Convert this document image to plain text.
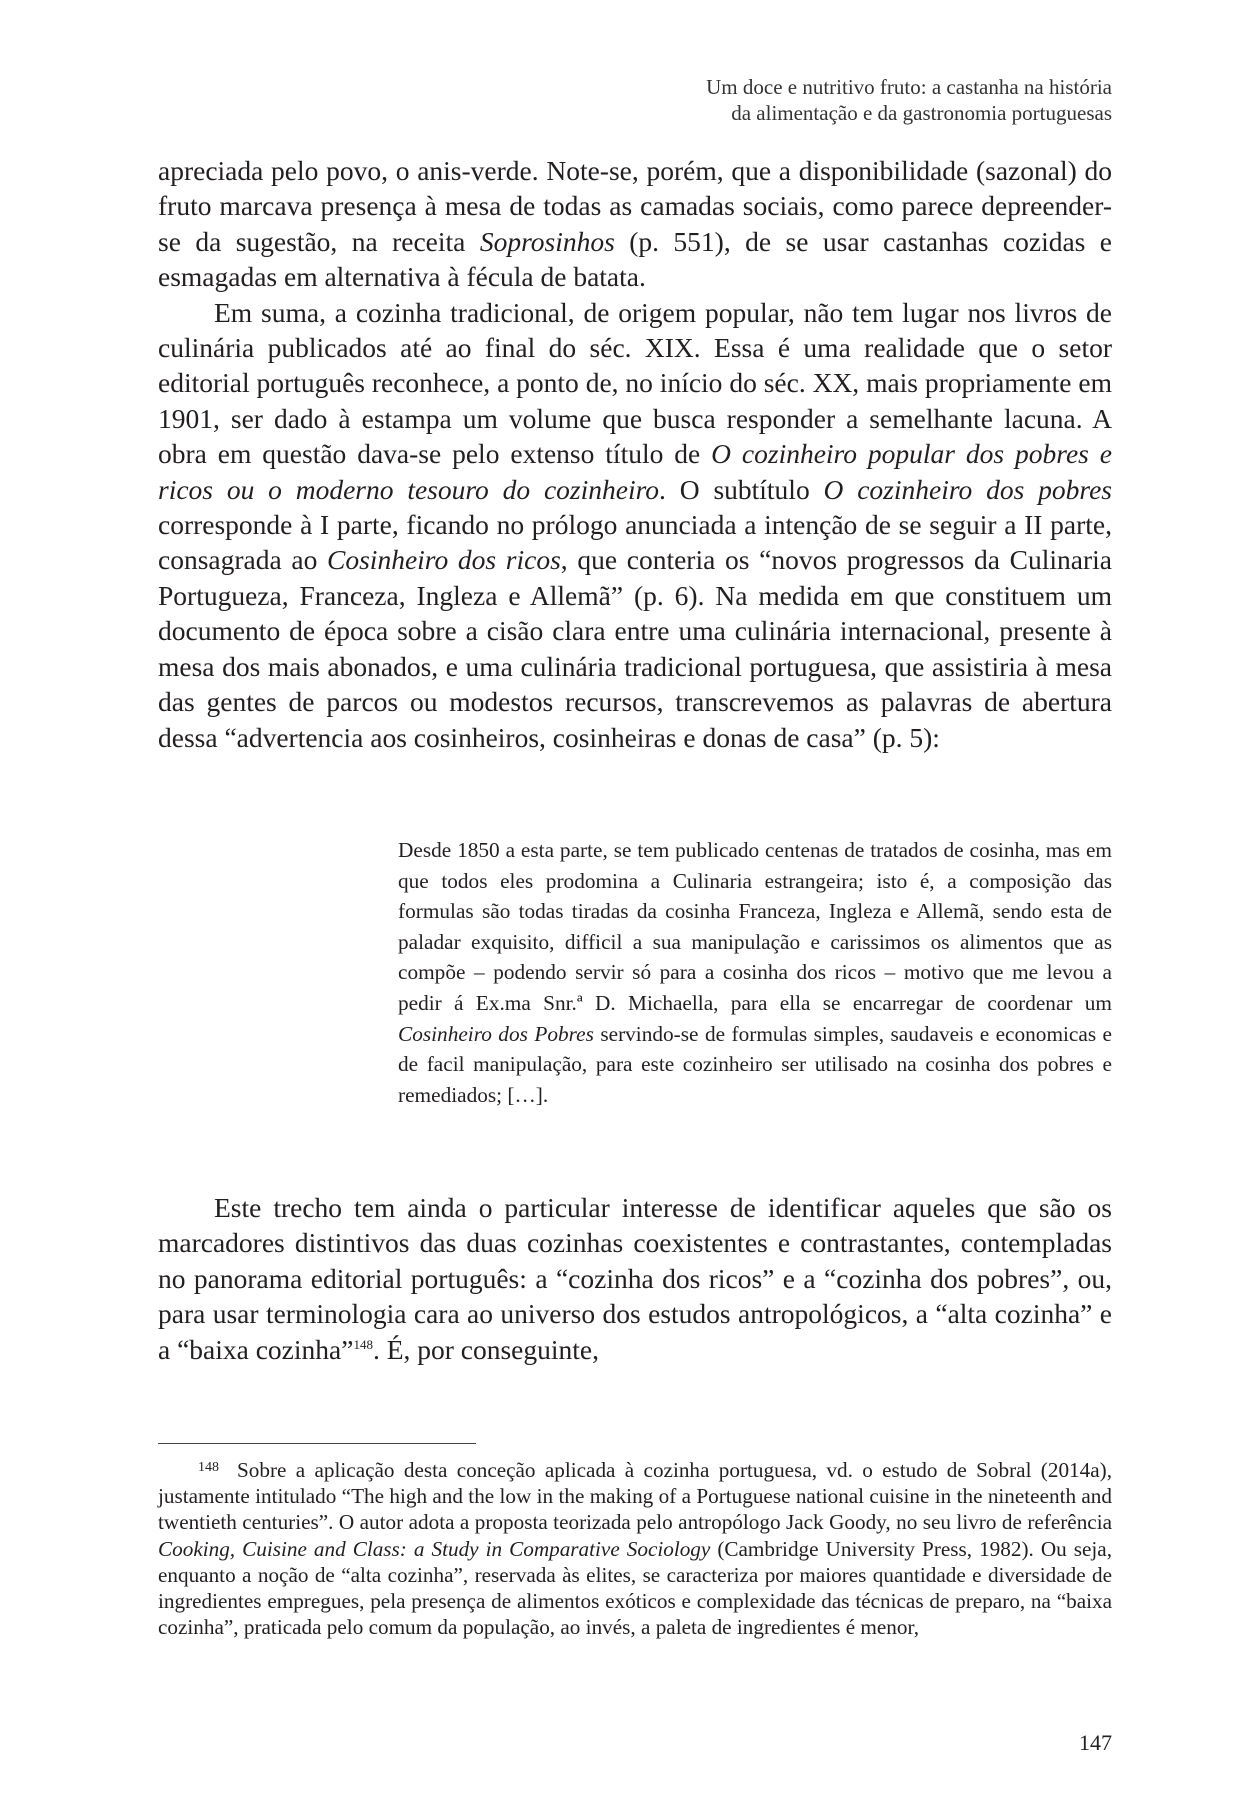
Um doce e nutritivo fruto: a castanha na história
da alimentação e da gastronomia portuguesas

apreciada pelo povo, o anis-verde. Note-se, porém, que a disponibilidade (sazonal) do fruto marcava presença à mesa de todas as camadas sociais, como parece depreender-se da sugestão, na receita Soprosinhos (p. 551), de se usar castanhas cozidas e esmagadas em alternativa à fécula de batata.

Em suma, a cozinha tradicional, de origem popular, não tem lugar nos livros de culinária publicados até ao final do séc. XIX. Essa é uma realidade que o setor editorial português reconhece, a ponto de, no início do séc. XX, mais propriamente em 1901, ser dado à estampa um volume que busca responder a semelhante lacuna. A obra em questão dava-se pelo extenso título de O cozinheiro popular dos pobres e ricos ou o moderno tesouro do cozinheiro. O subtítulo O cozinheiro dos pobres corresponde à I parte, ficando no prólogo anunciada a intenção de se seguir a II parte, consagrada ao Cosinheiro dos ricos, que conteria os “novos progressos da Culinaria Portugueza, Franceza, Ingleza e Allemã” (p. 6). Na medida em que constituem um documento de época sobre a cisão clara entre uma culinária internacional, presente à mesa dos mais abonados, e uma culinária tradicional portuguesa, que assistiria à mesa das gentes de parcos ou modestos recursos, transcrevemos as palavras de abertura dessa “advertencia aos cosinheiros, cosinheiras e donas de casa” (p. 5):

Desde 1850 a esta parte, se tem publicado centenas de tratados de cosinha, mas em que todos eles prodomina a Culinaria estrangeira; isto é, a composição das formulas são todas tiradas da cosinha Franceza, Ingleza e Allemã, sendo esta de paladar exquisito, difficil a sua manipulação e carissimos os alimentos que as compõe – podendo servir só para a cosinha dos ricos – motivo que me levou a pedir á Ex.ma Snr.ª D. Michaella, para ella se encarregar de coordenar um Cosinheiro dos Pobres servindo-se de formulas simples, saudaveis e economicas e de facil manipulação, para este cozinheiro ser utilisado na cosinha dos pobres e remediados; […].

Este trecho tem ainda o particular interesse de identificar aqueles que são os marcadores distintivos das duas cozinhas coexistentes e contrastantes, contempladas no panorama editorial português: a “cozinha dos ricos” e a “cozinha dos pobres”, ou, para usar terminologia cara ao universo dos estudos antropológicos, a “alta cozinha” e a “baixa cozinha”$^{148}$. É, por conseguinte,

$^{148}$ Sobre a aplicação desta conceção aplicada à cozinha portuguesa, vd. o estudo de Sobral (2014a), justamente intitulado “The high and the low in the making of a Portuguese national cuisine in the nineteenth and twentieth centuries”. O autor adota a proposta teorizada pelo antropólogo Jack Goody, no seu livro de referência Cooking, Cuisine and Class: a Study in Comparative Sociology (Cambridge University Press, 1982). Ou seja, enquanto a noção de “alta cozinha”, reservada às elites, se caracteriza por maiores quantidade e diversidade de ingredientes empregues, pela presença de alimentos exóticos e complexidade das técnicas de preparo, na “baixa cozinha”, praticada pelo comum da população, ao invés, a paleta de ingredientes é menor,

147
